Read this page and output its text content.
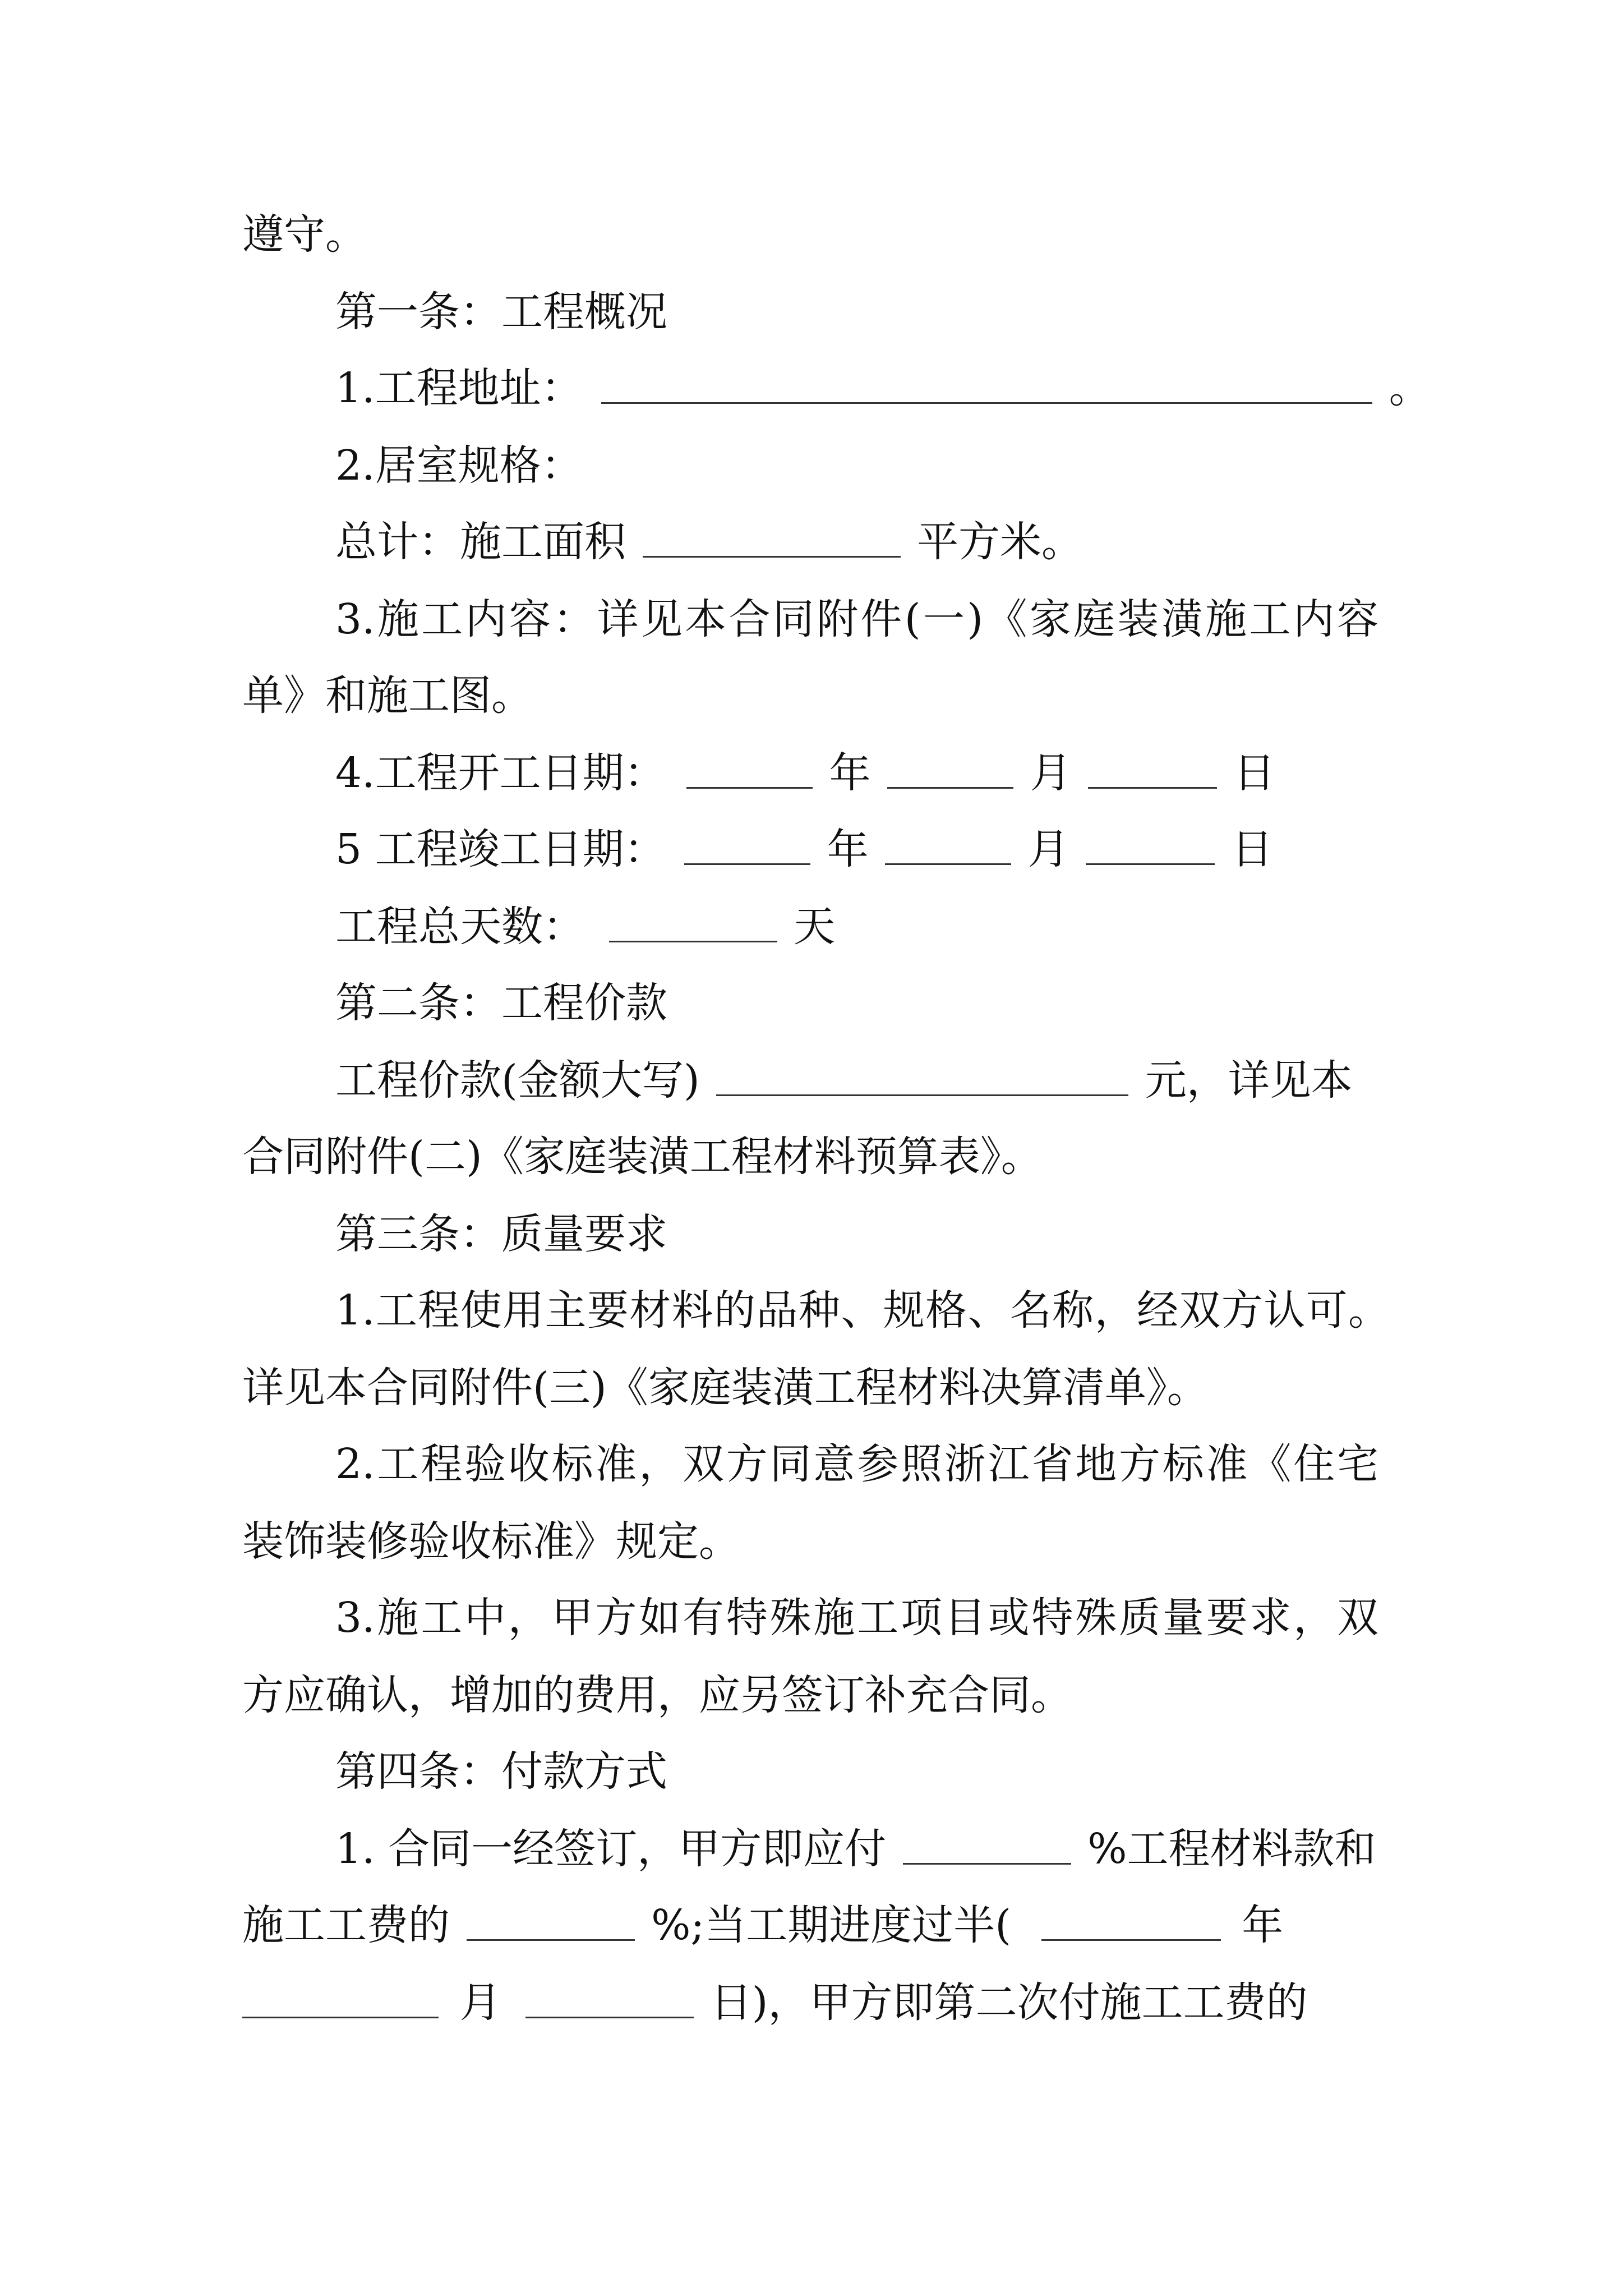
遵守。
第一条：工程概况
1.工程地址：	。
2.居室规格：
总计：施工面积	平方米。
3.施工内容：详见本合同附件(一)《家庭装潢施工内容
单》和施工图。
4.工程开工日期：	年	月	日
5 工程竣工日期：	年	月	日
工程总天数：	天
第二条：工程价款
工程价款(金额大写)	元，详见本
合同附件(二)《家庭装潢工程材料预算表》。
第三条：质量要求
1.工程使用主要材料的品种、规格、名称，经双方认可。
详见本合同附件(三)《家庭装潢工程材料决算清单》。
2.工程验收标准，双方同意参照浙江省地方标准《住宅
装饰装修验收标准》规定。
3.施工中，甲方如有特殊施工项目或特殊质量要求，双
方应确认，增加的费用，应另签订补充合同。
第四条：付款方式
1. 合同一经签订，甲方即应付	%工程材料款和
施工工费的	%;当工期进度过半(	年
月	日)，甲方即第二次付施工工费的
